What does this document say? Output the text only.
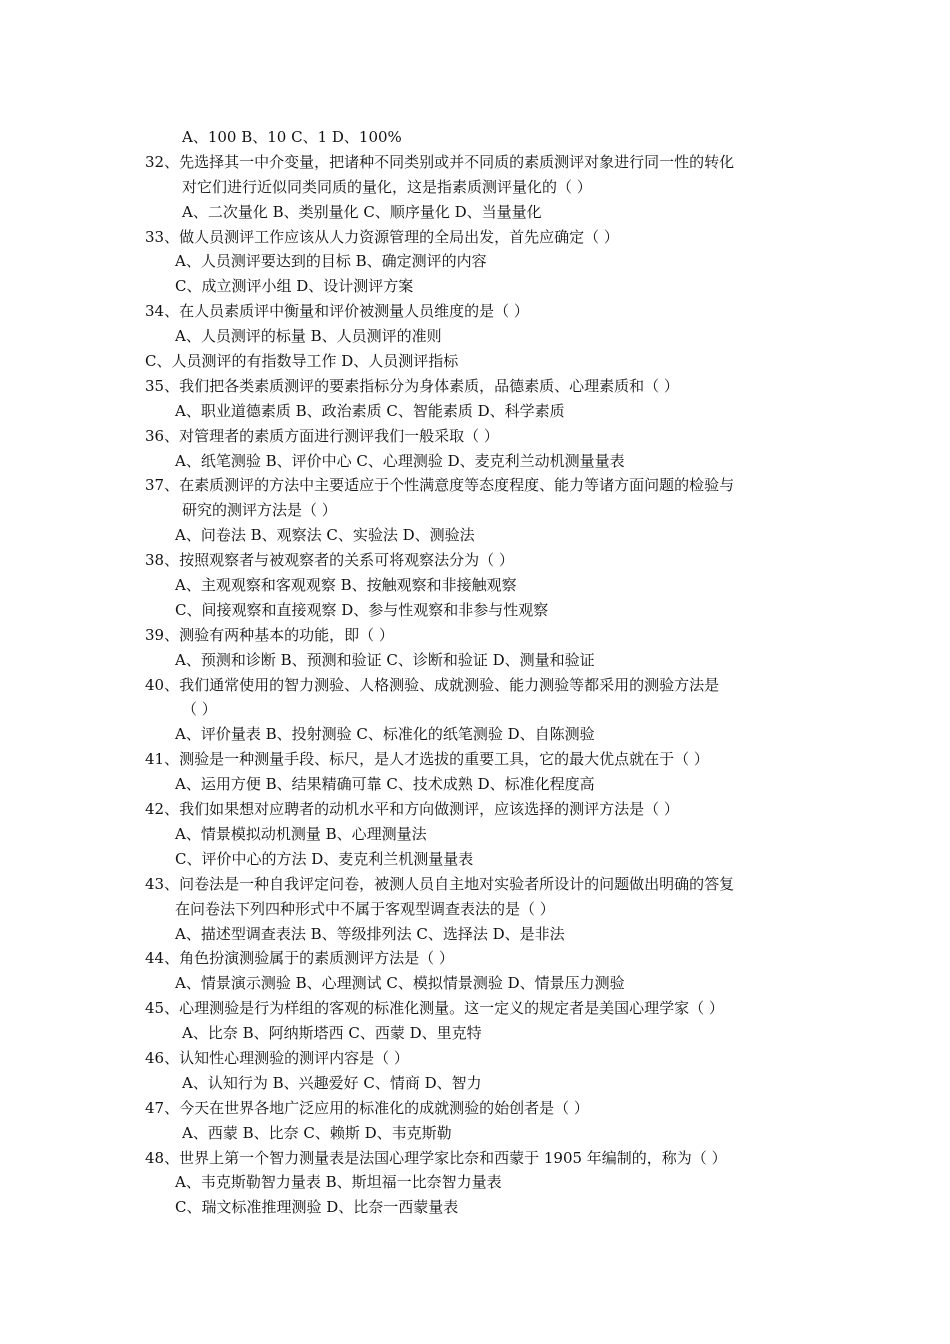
A、100 B、10 C、1 D、100%
32、先选择其一中介变量，把诸种不同类别或并不同质的素质测评对象进行同一性的转化
对它们进行近似同类同质的量化，这是指素质测评量化的（ ）
A、二次量化 B、类别量化 C、顺序量化 D、当量量化
33、做人员测评工作应该从人力资源管理的全局出发，首先应确定（ ）
A、人员测评要达到的目标 B、确定测评的内容
C、成立测评小组 D、设计测评方案
34、在人员素质评中衡量和评价被测量人员维度的是（ ）
A、人员测评的标量 B、人员测评的准则
C、人员测评的有指数导工作 D、人员测评指标
35、我们把各类素质测评的要素指标分为身体素质，品德素质、心理素质和（ ）
A、职业道德素质 B、政治素质 C、智能素质 D、科学素质
36、对管理者的素质方面进行测评我们一般采取（ ）
A、纸笔测验 B、评价中心 C、心理测验 D、麦克利兰动机测量量表
37、在素质测评的方法中主要适应于个性满意度等态度程度、能力等诸方面问题的检验与
研究的测评方法是（ ）
A、问卷法 B、观察法 C、实验法 D、测验法
38、按照观察者与被观察者的关系可将观察法分为（ ）
A、主观观察和客观观察 B、按触观察和非接触观察
C、间接观察和直接观察 D、参与性观察和非参与性观察
39、测验有两种基本的功能，即（ ）
A、预测和诊断 B、预测和验证 C、诊断和验证 D、测量和验证
40、我们通常使用的智力测验、人格测验、成就测验、能力测验等都采用的测验方法是
（ ）
A、评价量表 B、投射测验 C、标准化的纸笔测验 D、自陈测验
41、测验是一种测量手段、标尺，是人才选拔的重要工具，它的最大优点就在于（ ）
A、运用方便 B、结果精确可靠 C、技术成熟 D、标准化程度高
42、我们如果想对应聘者的动机水平和方向做测评，应该选择的测评方法是（ ）
A、情景模拟动机测量 B、心理测量法
C、评价中心的方法 D、麦克利兰机测量量表
43、问卷法是一种自我评定问卷，被测人员自主地对实验者所设计的问题做出明确的答复
在问卷法下列四种形式中不属于客观型调查表法的是（ ）
A、描述型调查表法 B、等级排列法 C、选择法 D、是非法
44、角色扮演测验属于的素质测评方法是（ ）
A、情景演示测验 B、心理测试 C、模拟情景测验 D、情景压力测验
45、心理测验是行为样组的客观的标准化测量。这一定义的规定者是美国心理学家（ ）
A、比奈 B、阿纳斯塔西 C、西蒙 D、里克特
46、认知性心理测验的测评内容是（ ）
A、认知行为 B、兴趣爱好 C、情商 D、智力
47、今天在世界各地广泛应用的标准化的成就测验的始创者是（ ）
A、西蒙 B、比奈 C、赖斯 D、韦克斯勒
48、世界上第一个智力测量表是法国心理学家比奈和西蒙于 1905 年编制的，称为（ ）
A、韦克斯勒智力量表 B、斯坦福一比奈智力量表
C、瑞文标准推理测验 D、比奈一西蒙量表
